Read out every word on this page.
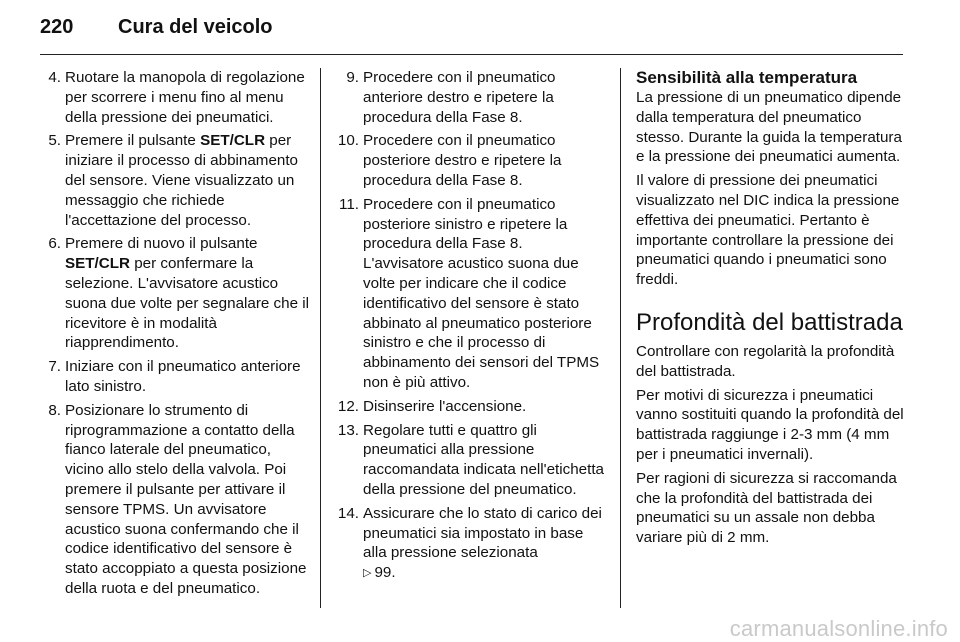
220	Cura del veicolo
4. Ruotare la manopola di regolazione per scorrere i menu fino al menu della pressione dei pneumatici.
5. Premere il pulsante SET/CLR per iniziare il processo di abbinamento del sensore. Viene visualizzato un messaggio che richiede l'accettazione del processo.
6. Premere di nuovo il pulsante SET/CLR per confermare la selezione. L'avvisatore acustico suona due volte per segnalare che il ricevitore è in modalità riapprendimento.
7. Iniziare con il pneumatico anteriore lato sinistro.
8. Posizionare lo strumento di riprogrammazione a contatto della fianco laterale del pneumatico, vicino allo stelo della valvola. Poi premere il pulsante per attivare il sensore TPMS. Un avvisatore acustico suona confermando che il codice identificativo del sensore è stato accoppiato a questa posizione della ruota e del pneumatico.
9. Procedere con il pneumatico anteriore destro e ripetere la procedura della Fase 8.
10. Procedere con il pneumatico posteriore destro e ripetere la procedura della Fase 8.
11. Procedere con il pneumatico posteriore sinistro e ripetere la procedura della Fase 8. L'avvisatore acustico suona due volte per indicare che il codice identificativo del sensore è stato abbinato al pneumatico posteriore sinistro e che il processo di abbinamento dei sensori del TPMS non è più attivo.
12. Disinserire l'accensione.
13. Regolare tutti e quattro gli pneumatici alla pressione raccomandata indicata nell'etichetta della pressione del pneumatico.
14. Assicurare che lo stato di carico dei pneumatici sia impostato in base alla pressione selezionata
▷ 99.
Sensibilità alla temperatura

La pressione di un pneumatico dipende dalla temperatura del pneumatico stesso. Durante la guida la temperatura e la pressione dei pneumatici aumenta.

Il valore di pressione dei pneumatici visualizzato nel DIC indica la pressione effettiva dei pneumatici. Pertanto è importante controllare la pressione dei pneumatici quando i pneumatici sono freddi.

Profondità del battistrada

Controllare con regolarità la profondità del battistrada.

Per motivi di sicurezza i pneumatici vanno sostituiti quando la profondità del battistrada raggiunge i 2-3 mm (4 mm per i pneumatici invernali).

Per ragioni di sicurezza si raccomanda che la profondità del battistrada dei pneumatici su un assale non debba variare più di 2 mm.

carmanualsonline.info
